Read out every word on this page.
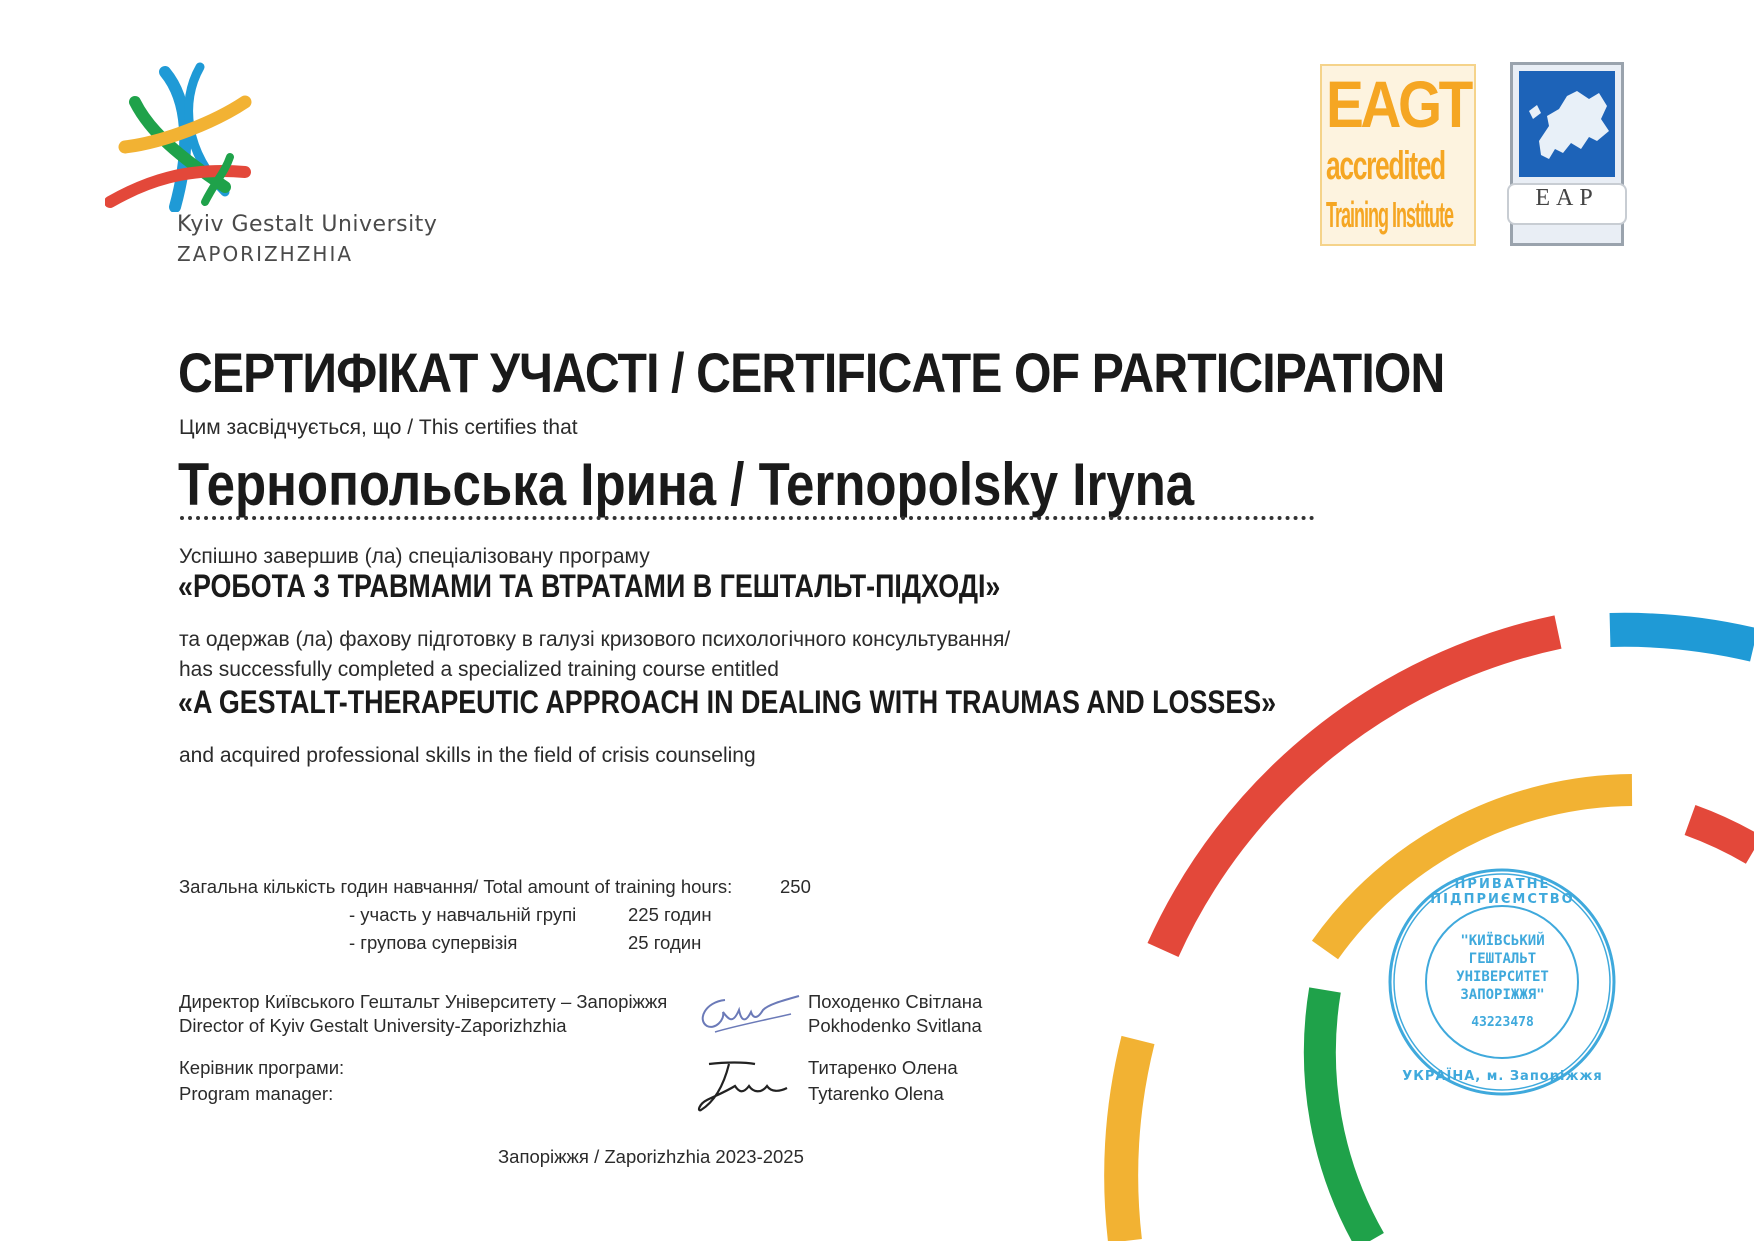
Kyiv Gestalt University
ZAPORIZHZHIA
EAGT
accredited
Training Institute	EAP
СЕРТИФІКАТ УЧАСТІ / CERTIFICATE OF PARTICIPATION
Цим засвідчується, що / This certifies that
Тернопольська Ірина / Ternopolsky Iryna
Успішно завершив (ла) спеціалізовану програму
«РОБОТА З ТРАВМАМИ ТА ВТРАТАМИ В ГЕШТАЛЬТ-ПІДХОДІ»
та одержав (ла) фахову підготовку в галузі кризового психологічного консультування/
has successfully completed a specialized training course entitled
«A GESTALT-THERAPEUTIC APPROACH IN DEALING WITH TRAUMAS AND LOSSES»
and acquired professional skills in the field of crisis counseling
Загальна кількість годин навчання/ Total amount of training hours:	250
- участь у навчальній групі	225 годин
- групова супервізія	25 годин
Директор Київського Гештальт Університету – Запоріжжя
Director of Kyiv Gestalt University-Zaporizhzhia
Походенко Світлана
Pokhodenko Svitlana
Керівник програми:
Program manager:
Титаренко Олена
Tytarenko Olena
Запоріжжя / Zaporizhzhia 2023-2025
ПРИВАТНЕ ПІДПРИЄМСТВО
УКРАЇНА, м. Запоріжжя
"КИЇВСЬКИЙ
ГЕШТАЛЬТ
УНІВЕРСИТЕТ
ЗАПОРІЖЖЯ"
43223478
